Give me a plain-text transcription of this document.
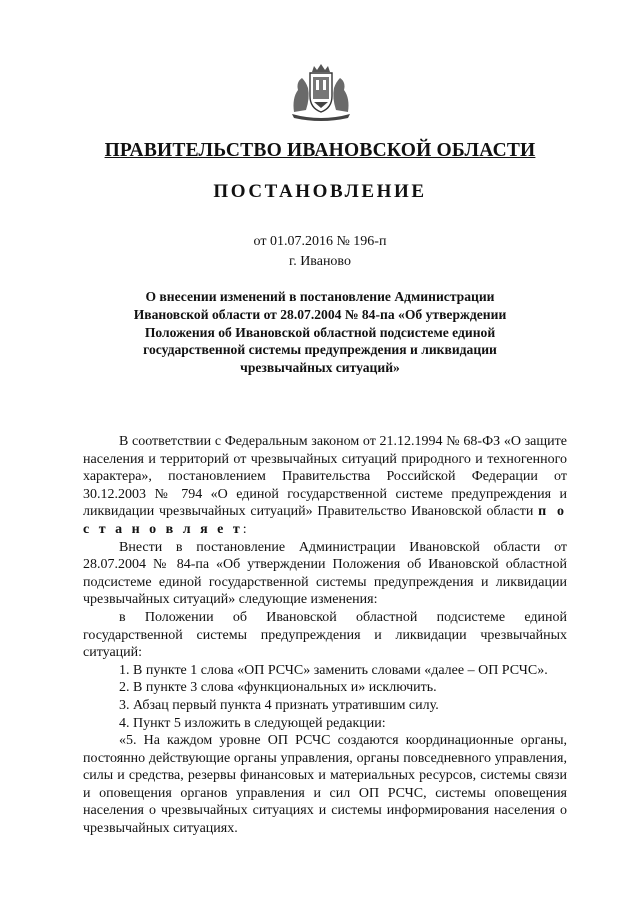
ПРАВИТЕЛЬСТВО ИВАНОВСКОЙ ОБЛАСТИ
ПОСТАНОВЛЕНИЕ
от 01.07.2016 № 196-п
г. Иваново
О внесении изменений в постановление Администрации Ивановской области от 28.07.2004 № 84-па «Об утверждении Положения об Ивановской областной подсистеме единой государственной системы предупреждения и ликвидации чрезвычайных ситуаций»

В соответствии с Федеральным законом от 21.12.1994 № 68-ФЗ «О защите населения и территорий от чрезвычайных ситуаций природного и техногенного характера», постановлением Правительства Российской Федерации от 30.12.2003 № 794 «О единой государственной системе предупреждения и ликвидации чрезвычайных ситуаций» Правительство Ивановской области п о с т а н о в л я е т:

Внести в постановление Администрации Ивановской области от 28.07.2004 № 84-па «Об утверждении Положения об Ивановской областной подсистеме единой государственной системы предупреждения и ликвидации чрезвычайных ситуаций» следующие изменения:

в Положении об Ивановской областной подсистеме единой государственной системы предупреждения и ликвидации чрезвычайных ситуаций:

1. В пункте 1 слова «ОП РСЧС» заменить словами «далее – ОП РСЧС».

2. В пункте 3 слова «функциональных и» исключить.

3. Абзац первый пункта 4 признать утратившим силу.

4. Пункт 5 изложить в следующей редакции:

«5. На каждом уровне ОП РСЧС создаются координационные органы, постоянно действующие органы управления, органы повседневного управления, силы и средства, резервы финансовых и материальных ресурсов, системы связи и оповещения органов управления и сил ОП РСЧС, системы оповещения населения о чрезвычайных ситуациях и системы информирования населения о чрезвычайных ситуациях.
